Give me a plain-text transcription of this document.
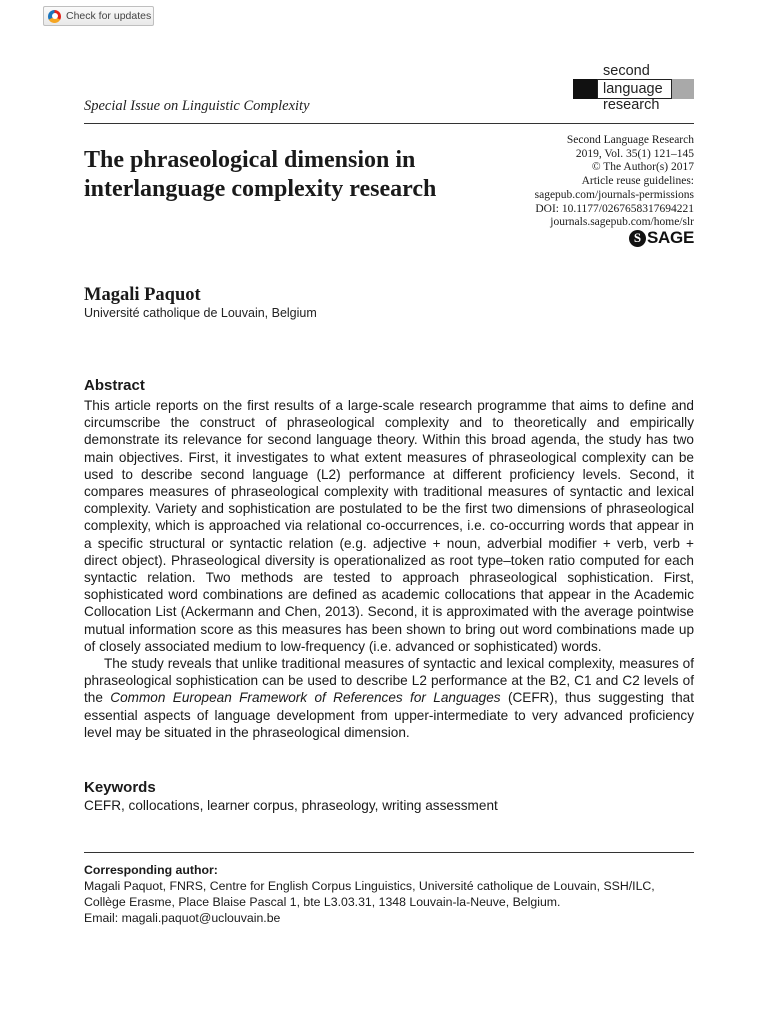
Check for updates
second
language
research
Special Issue on Linguistic Complexity
The phraseological dimension in interlanguage complexity research
Second Language Research
2019, Vol. 35(1) 121–145
© The Author(s) 2017
Article reuse guidelines:
sagepub.com/journals-permissions
DOI: 10.1177/0267658317694221
journals.sagepub.com/home/slr
S SAGE
Magali Paquot
Université catholique de Louvain, Belgium
Abstract

This article reports on the first results of a large-scale research programme that aims to define and circumscribe the construct of phraseological complexity and to theoretically and empirically demonstrate its relevance for second language theory. Within this broad agenda, the study has two main objectives. First, it investigates to what extent measures of phraseological complexity can be used to describe second language (L2) performance at different proficiency levels. Second, it compares measures of phraseological complexity with traditional measures of syntactic and lexical complexity. Variety and sophistication are postulated to be the first two dimensions of phraseological complexity, which is approached via relational co-occurrences, i.e. co-occurring words that appear in a specific structural or syntactic relation (e.g. adjective + noun, adverbial modifier + verb, verb + direct object). Phraseological diversity is operationalized as root type–token ratio computed for each syntactic relation. Two methods are tested to approach phraseological sophistication. First, sophisticated word combinations are defined as academic collocations that appear in the Academic Collocation List (Ackermann and Chen, 2013). Second, it is approximated with the average pointwise mutual information score as this measures has been shown to bring out word combinations made up of closely associated medium to low-frequency (i.e. advanced or sophisticated) words.

The study reveals that unlike traditional measures of syntactic and lexical complexity, measures of phraseological sophistication can be used to describe L2 performance at the B2, C1 and C2 levels of the Common European Framework of References for Languages (CEFR), thus suggesting that essential aspects of language development from upper-intermediate to very advanced proficiency level may be situated in the phraseological dimension.

Keywords
CEFR, collocations, learner corpus, phraseology, writing assessment
Corresponding author:
Magali Paquot, FNRS, Centre for English Corpus Linguistics, Université catholique de Louvain, SSH/ILC,
Collège Erasme, Place Blaise Pascal 1, bte L3.03.31, 1348 Louvain-la-Neuve, Belgium.
Email: magali.paquot@uclouvain.be
